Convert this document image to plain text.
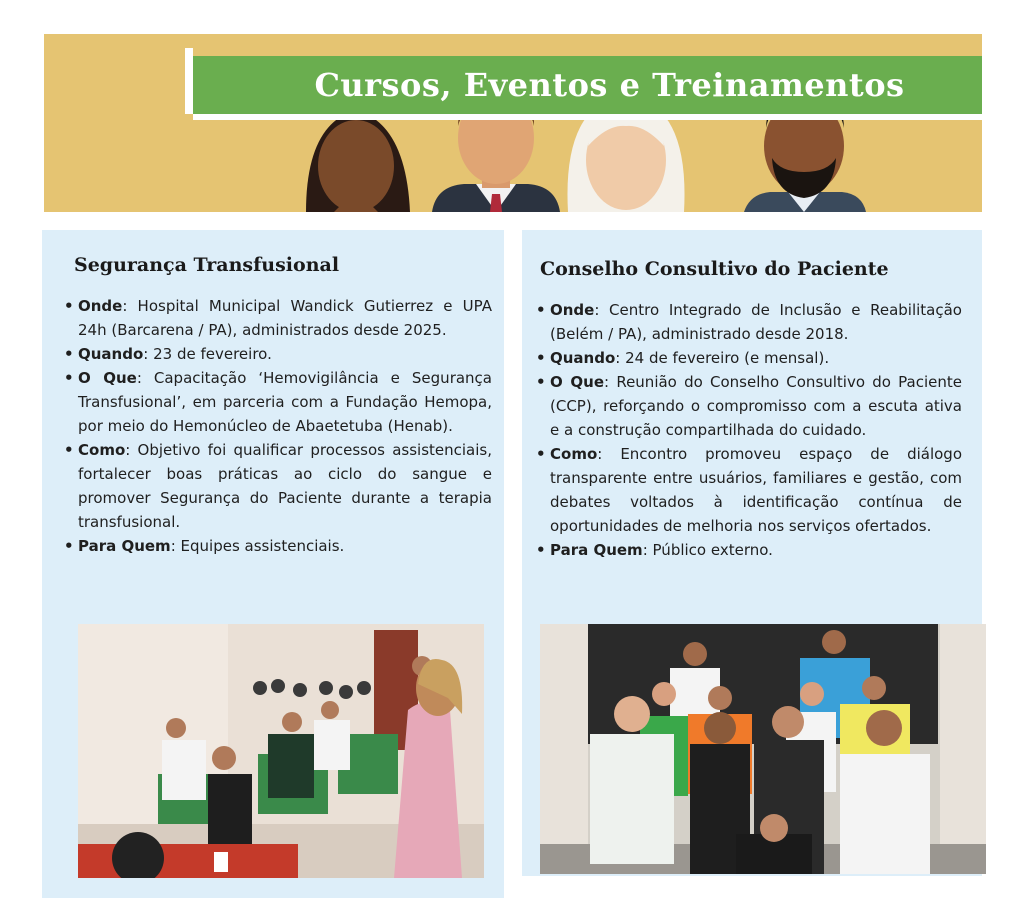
Cursos, Eventos e Treinamentos
Segurança Transfusional
• Onde: Hospital Municipal Wandick Gutierrez e UPA 24h (Barcarena / PA), administrados desde 2025.
• Quando: 23 de fevereiro.
• O Que: Capacitação ‘Hemovigilância e Segurança Transfusional’, em parceria com a Fundação Hemopa, por meio do Hemonúcleo de Abaetetuba (Henab).
• Como: Objetivo foi qualificar processos assistenciais, fortalecer boas práticas ao ciclo do sangue e promover Segurança do Paciente durante a terapia transfusional.
• Para Quem: Equipes assistenciais.
Conselho Consultivo do Paciente
• Onde: Centro Integrado de Inclusão e Reabilitação (Belém / PA), administrado desde 2018.
• Quando: 24 de fevereiro (e mensal).
• O Que: Reunião do Conselho Consultivo do Paciente (CCP), reforçando o compromisso com a escuta ativa e a construção compartilhada do cuidado.
• Como: Encontro promoveu espaço de diálogo transparente entre usuários, familiares e gestão, com debates voltados à identificação contínua de oportunidades de melhoria nos serviços ofertados.
• Para Quem: Público externo.
